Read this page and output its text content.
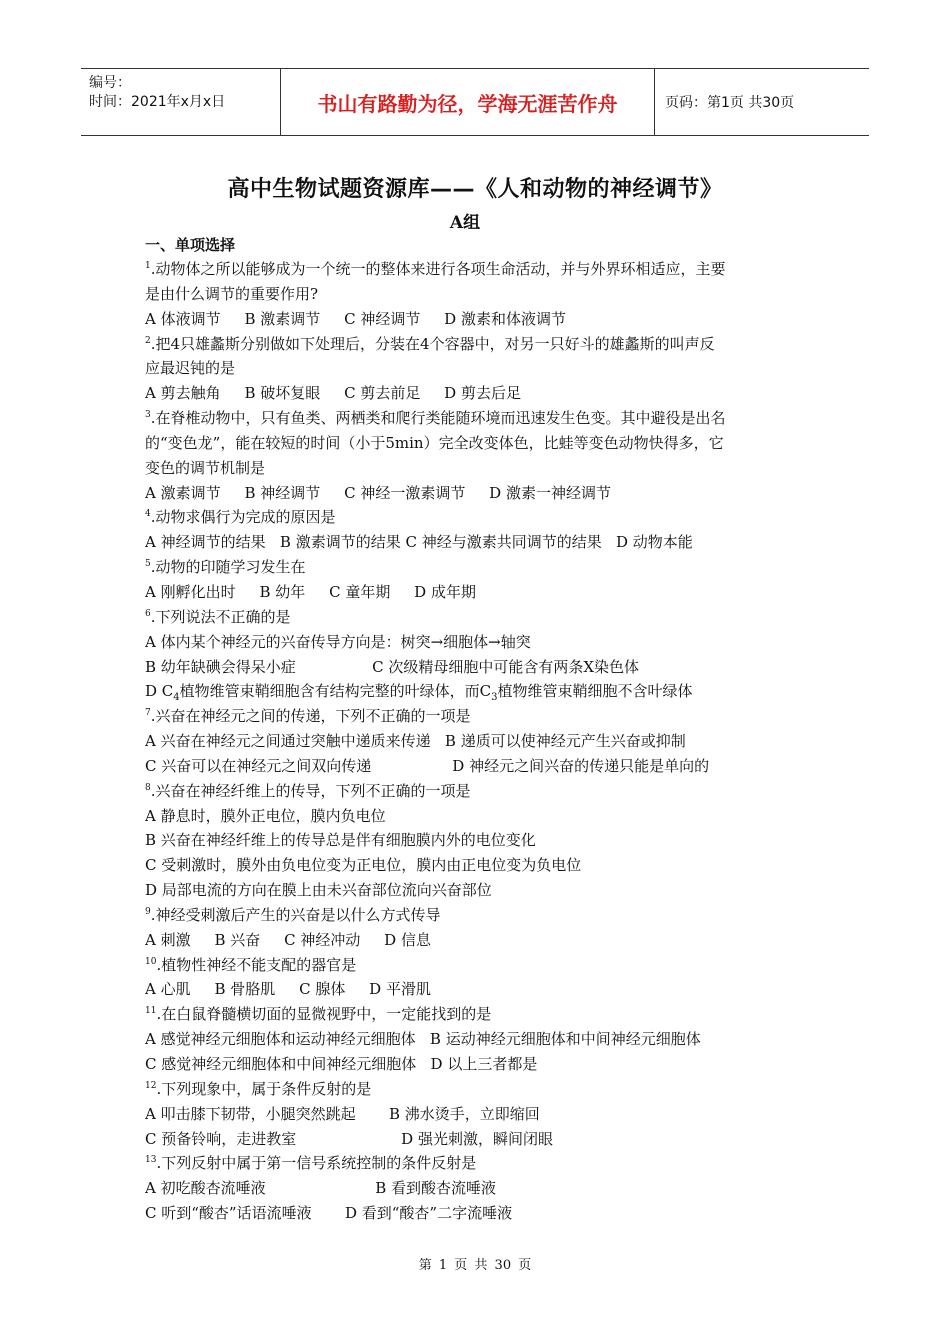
编号：
时间：2021年x月x日	书山有路勤为径，学海无涯苦作舟	页码：第1页 共30页
高中生物试题资源库——《人和动物的神经调节》
A组
一、单项选择
$^1$.动物体之所以能够成为一个统一的整体来进行各项生命活动，并与外界环相适应，主要
是由什么调节的重要作用?
A 体液调节     B 激素调节     C 神经调节     D 激素和体液调节
$^2$.把4只雄蠡斯分别做如下处理后，分装在4个容器中，对另一只好斗的雄蠡斯的叫声反
应最迟钝的是
A 剪去触角     B 破坏复眼     C 剪去前足     D 剪去后足
$^3$.在脊椎动物中，只有鱼类、两栖类和爬行类能随环境而迅速发生色变。其中避役是出名
的“变色龙”，能在较短的时间（小于5min）完全改变体色，比蛙等变色动物快得多，它
变色的调节机制是
A 激素调节     B 神经调节     C 神经一激素调节     D 激素一神经调节
$^4$.动物求偶行为完成的原因是
A 神经调节的结果   B 激素调节的结果 C 神经与激素共同调节的结果   D 动物本能
$^5$.动物的印随学习发生在
A 刚孵化出时     B 幼年     C 童年期     D 成年期
$^6$.下列说法不正确的是
A 体内某个神经元的兴奋传导方向是：树突→细胞体→轴突
B 幼年缺碘会得呆小症                C 次级精母细胞中可能含有两条X染色体
D $C_4$植物维管束鞘细胞含有结构完整的叶绿体，而$C_3$植物维管束鞘细胞不含叶绿体
$^7$.兴奋在神经元之间的传递，下列不正确的一项是
A 兴奋在神经元之间通过突触中递质来传递   B 递质可以使神经元产生兴奋或抑制
C 兴奋可以在神经元之间双向传递                 D 神经元之间兴奋的传递只能是单向的
$^8$.兴奋在神经纤维上的传导，下列不正确的一项是
A 静息时，膜外正电位，膜内负电位
B 兴奋在神经纤维上的传导总是伴有细胞膜内外的电位变化
C 受刺激时，膜外由负电位变为正电位，膜内由正电位变为负电位
D 局部电流的方向在膜上由未兴奋部位流向兴奋部位
$^9$.神经受刺激后产生的兴奋是以什么方式传导
A 刺激     B 兴奋     C 神经冲动     D 信息
$^{10}$.植物性神经不能支配的器官是
A 心肌     B 骨胳肌     C 腺体     D 平滑肌
$^{11}$.在白鼠脊髓横切面的显微视野中，一定能找到的是
A 感觉神经元细胞体和运动神经元细胞体   B 运动神经元细胞体和中间神经元细胞体
C 感觉神经元细胞体和中间神经元细胞体   D 以上三者都是
$^{12}$.下列现象中，属于条件反射的是
A 叩击膝下韧带，小腿突然跳起       B 沸水烫手，立即缩回
C 预备铃响，走进教室                      D 强光刺激，瞬间闭眼
$^{13}$.下列反射中属于第一信号系统控制的条件反射是
A 初吃酸杏流唾液                       B 看到酸杏流唾液
C 听到“酸杏”话语流唾液       D 看到“酸杏”二字流唾液
第 1 页 共 30 页
